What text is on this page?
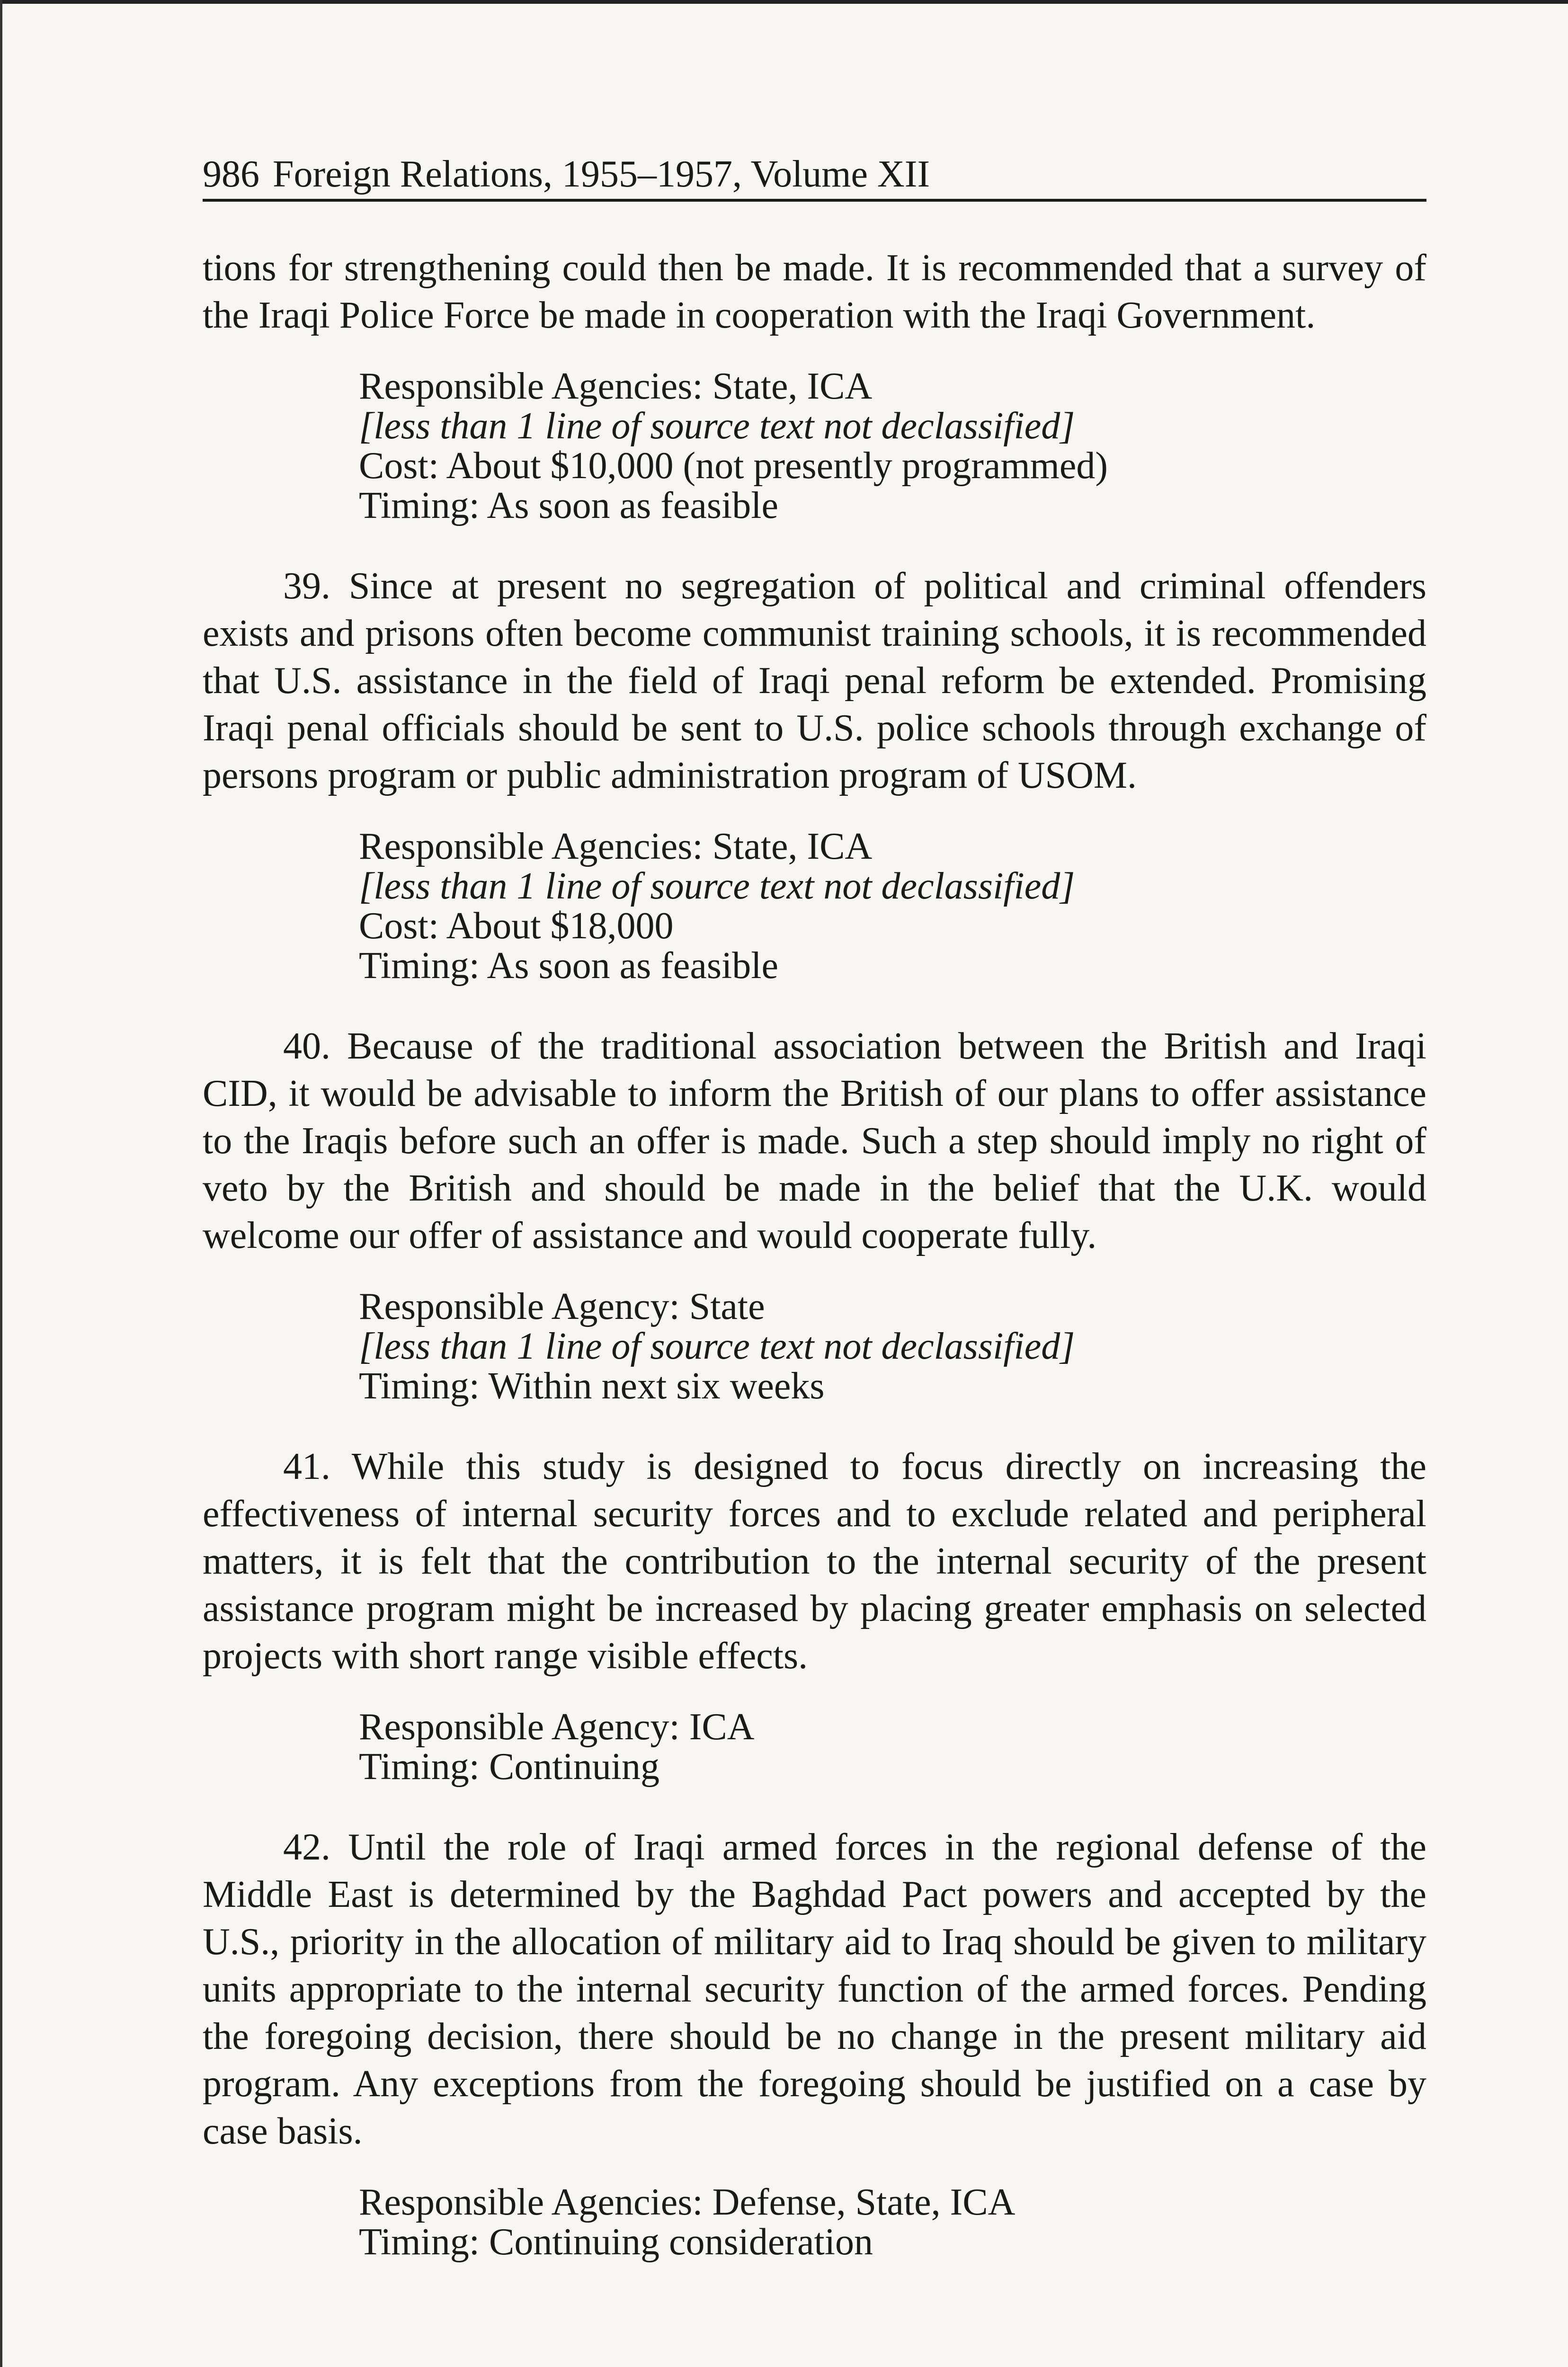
986 Foreign Relations, 1955–1957, Volume XII

tions for strengthening could then be made. It is recommended that a survey of the Iraqi Police Force be made in cooperation with the Iraqi Government.

Responsible Agencies: State, ICA
[less than 1 line of source text not declassified]
Cost: About $10,000 (not presently programmed)
Timing: As soon as feasible

39. Since at present no segregation of political and criminal offenders exists and prisons often become communist training schools, it is recommended that U.S. assistance in the field of Iraqi penal reform be extended. Promising Iraqi penal officials should be sent to U.S. police schools through exchange of persons program or public administration program of USOM.

Responsible Agencies: State, ICA
[less than 1 line of source text not declassified]
Cost: About $18,000
Timing: As soon as feasible

40. Because of the traditional association between the British and Iraqi CID, it would be advisable to inform the British of our plans to offer assistance to the Iraqis before such an offer is made. Such a step should imply no right of veto by the British and should be made in the belief that the U.K. would welcome our offer of assistance and would cooperate fully.

Responsible Agency: State
[less than 1 line of source text not declassified]
Timing: Within next six weeks

41. While this study is designed to focus directly on increasing the effectiveness of internal security forces and to exclude related and peripheral matters, it is felt that the contribution to the internal security of the present assistance program might be increased by placing greater emphasis on selected projects with short range visible effects.

Responsible Agency: ICA
Timing: Continuing

42. Until the role of Iraqi armed forces in the regional defense of the Middle East is determined by the Baghdad Pact powers and accepted by the U.S., priority in the allocation of military aid to Iraq should be given to military units appropriate to the internal security function of the armed forces. Pending the foregoing decision, there should be no change in the present military aid program. Any exceptions from the foregoing should be justified on a case by case basis.

Responsible Agencies: Defense, State, ICA
Timing: Continuing consideration
